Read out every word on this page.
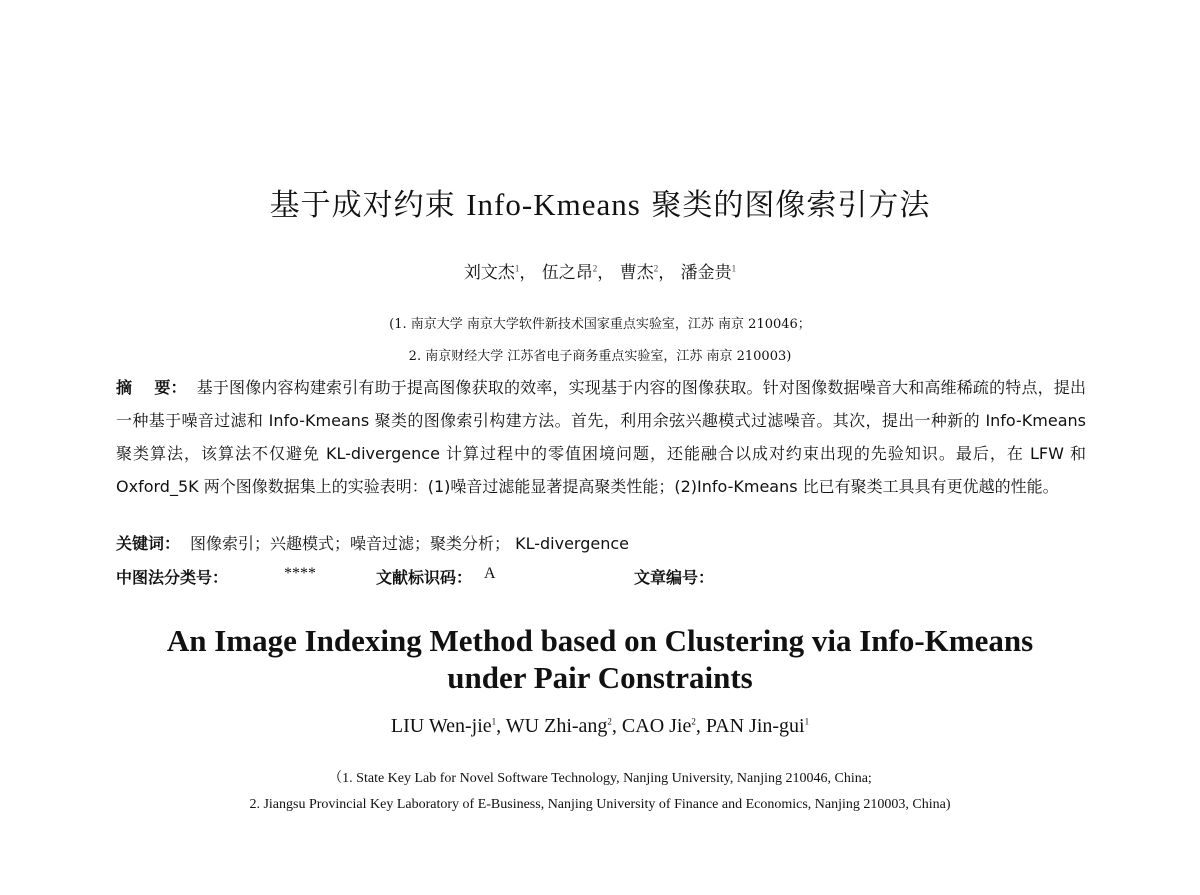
基于成对约束 Info-Kmeans 聚类的图像索引方法
刘文杰$^1$， 伍之昂$^2$， 曹杰$^2$， 潘金贵$^1$
(1. 南京大学 南京大学软件新技术国家重点实验室，江苏 南京 210046；
2. 南京财经大学 江苏省电子商务重点实验室，江苏 南京 210003)
摘 要： 基于图像内容构建索引有助于提高图像获取的效率，实现基于内容的图像获取。针对图像数据噪音大和高维稀疏的特点，提出一种基于噪音过滤和 Info-Kmeans 聚类的图像索引构建方法。首先，利用余弦兴趣模式过滤噪音。其次，提出一种新的 Info-Kmeans 聚类算法，该算法不仅避免 KL-divergence 计算过程中的零值困境问题，还能融合以成对约束出现的先验知识。最后，在 LFW 和 Oxford_5K 两个图像数据集上的实验表明：(1)噪音过滤能显著提高聚类性能；(2)Info-Kmeans 比已有聚类工具具有更优越的性能。
关键词： 图像索引；兴趣模式；噪音过滤；聚类分析； KL-divergence
中图法分类号：	****	文献标识码： A	文章编号：
An Image Indexing Method based on Clustering via Info-Kmeans
under Pair Constraints
LIU Wen-jie$^1$, WU Zhi-ang$^2$, CAO Jie$^2$, PAN Jin-gui$^1$
（1. State Key Lab for Novel Software Technology, Nanjing University, Nanjing 210046, China;
2. Jiangsu Provincial Key Laboratory of E-Business, Nanjing University of Finance and Economics, Nanjing 210003, China)
